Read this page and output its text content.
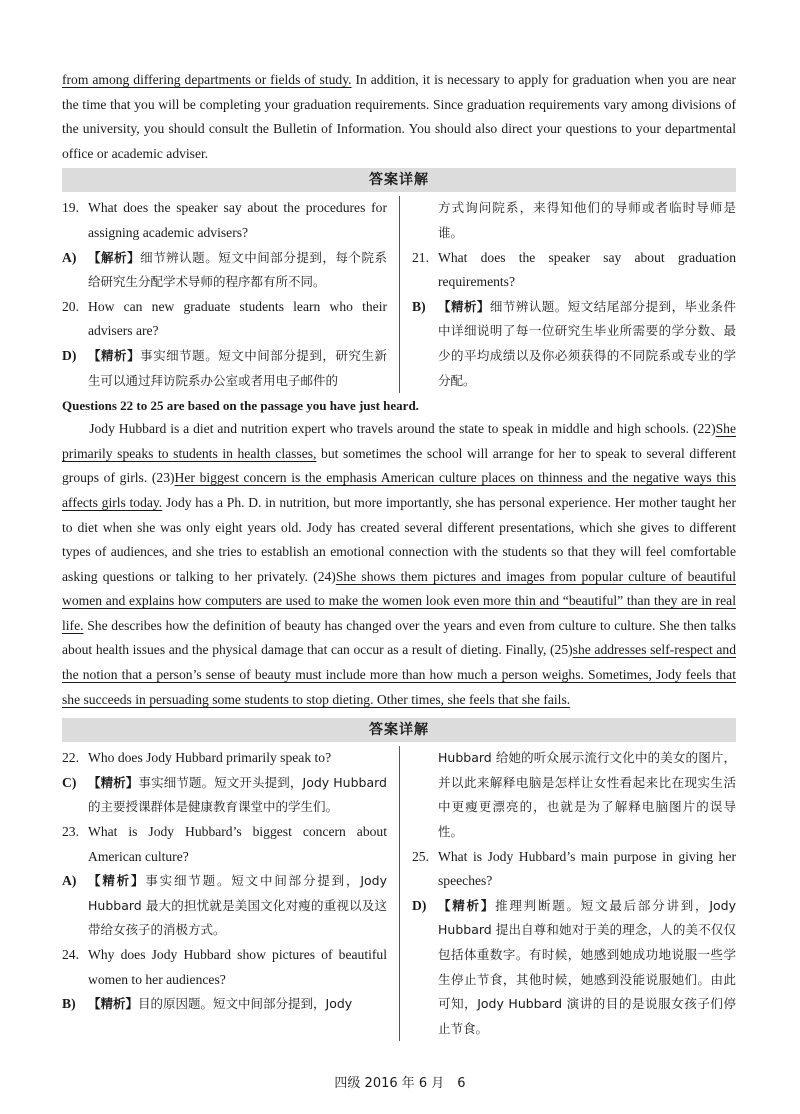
from among differing departments or fields of study. In addition, it is necessary to apply for graduation when you are near the time that you will be completing your graduation requirements. Since graduation requirements vary among divisions of the university, you should consult the Bulletin of Information. You should also direct your questions to your departmental office or academic adviser.

答案详解
19. What does the speaker say about the procedures for assigning academic advisers?
A) 【解析】细节辨认题。短文中间部分提到，每个院系给研究生分配学术导师的程序都有所不同。
20. How can new graduate students learn who their advisers are?
D) 【精析】事实细节题。短文中间部分提到，研究生新生可以通过拜访院系办公室或者用电子邮件的
方式询问院系，来得知他们的导师或者临时导师是谁。
21. What does the speaker say about graduation requirements?
B) 【精析】细节辨认题。短文结尾部分提到，毕业条件中详细说明了每一位研究生毕业所需要的学分数、最少的平均成绩以及你必须获得的不同院系或专业的学分配。
Questions 22 to 25 are based on the passage you have just heard.

Jody Hubbard is a diet and nutrition expert who travels around the state to speak in middle and high schools. (22)She primarily speaks to students in health classes, but sometimes the school will arrange for her to speak to several different groups of girls. (23)Her biggest concern is the emphasis American culture places on thinness and the negative ways this affects girls today. Jody has a Ph. D. in nutrition, but more importantly, she has personal experience. Her mother taught her to diet when she was only eight years old. Jody has created several different presentations, which she gives to different types of audiences, and she tries to establish an emotional connection with the students so that they will feel comfortable asking questions or talking to her privately. (24)She shows them pictures and images from popular culture of beautiful women and explains how computers are used to make the women look even more thin and “beautiful” than they are in real life. She describes how the definition of beauty has changed over the years and even from culture to culture. She then talks about health issues and the physical damage that can occur as a result of dieting. Finally, (25)she addresses self-respect and the notion that a person’s sense of beauty must include more than how much a person weighs. Sometimes, Jody feels that she succeeds in persuading some students to stop dieting. Other times, she feels that she fails.

答案详解
22. Who does Jody Hubbard primarily speak to?
C) 【精析】事实细节题。短文开头提到，Jody Hubbard 的主要授课群体是健康教育课堂中的学生们。
23. What is Jody Hubbard’s biggest concern about American culture?
A) 【精析】事实细节题。短文中间部分提到，Jody Hubbard 最大的担忧就是美国文化对瘦的重视以及这带给女孩子的消极方式。
24. Why does Jody Hubbard show pictures of beautiful women to her audiences?
B) 【精析】目的原因题。短文中间部分提到，Jody
Hubbard 给她的听众展示流行文化中的美女的图片，并以此来解释电脑是怎样让女性看起来比在现实生活中更瘦更漂亮的，也就是为了解释电脑图片的误导性。
25. What is Jody Hubbard’s main purpose in giving her speeches?
D) 【精析】推理判断题。短文最后部分讲到，Jody Hubbard 提出自尊和她对于美的理念，人的美不仅仅包括体重数字。有时候，她感到她成功地说服一些学生停止节食，其他时候，她感到没能说服她们。由此可知，Jody Hubbard 演讲的目的是说服女孩子们停止节食。
四级 2016 年 6 月　6
